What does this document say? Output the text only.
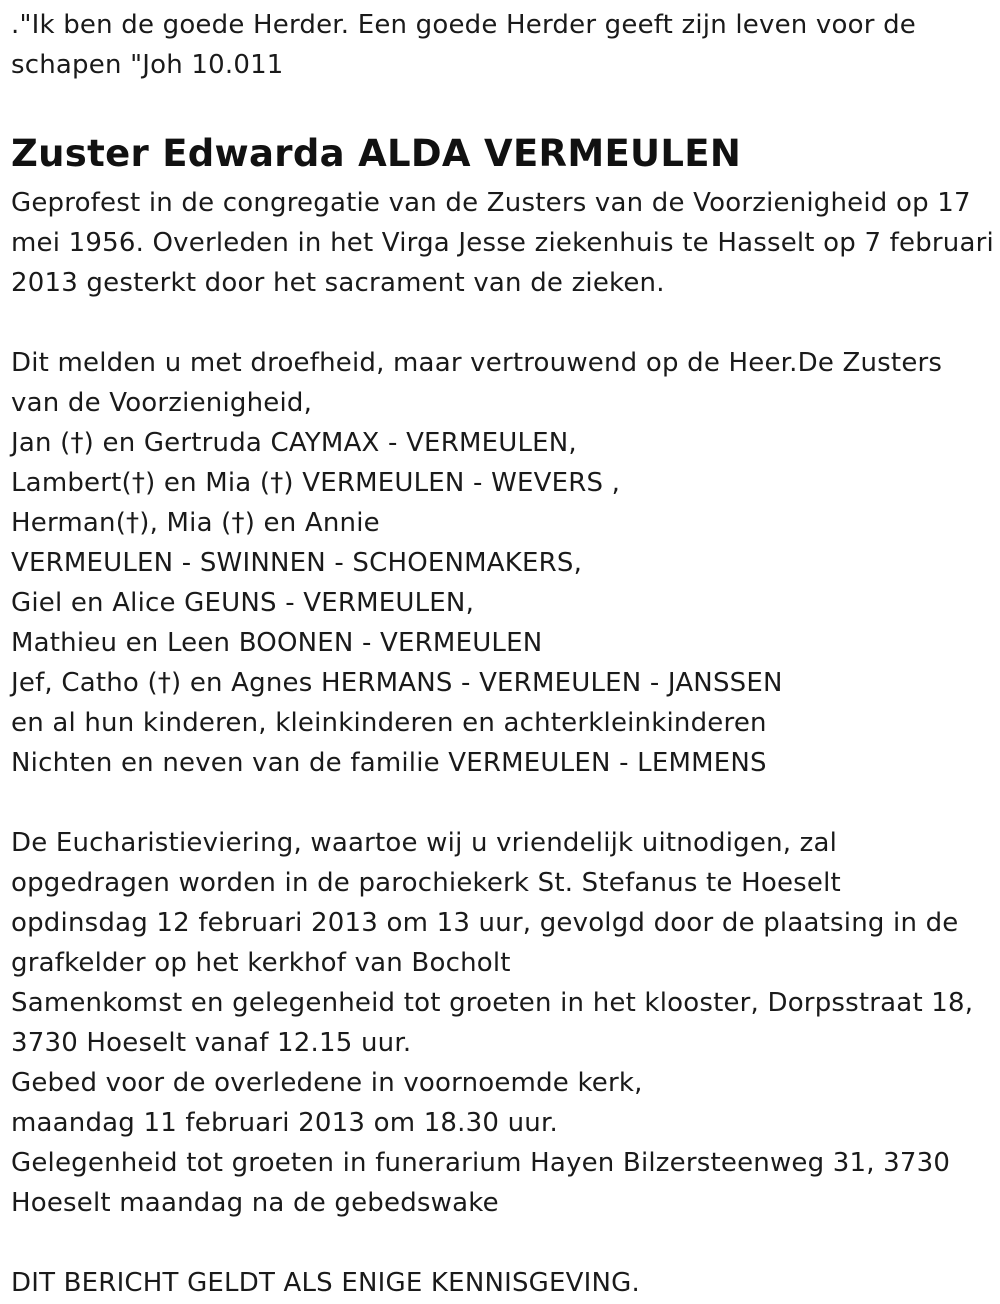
."Ik ben de goede Herder. Een goede Herder geeft zijn leven voor de
schapen "Joh 10.011
Zuster Edwarda ALDA VERMEULEN
Geprofest in de congregatie van de Zusters van de Voorzienigheid op 17
mei 1956. Overleden in het Virga Jesse ziekenhuis te Hasselt op 7 februari
2013 gesterkt door het sacrament van de zieken.
Dit melden u met droefheid, maar vertrouwend op de Heer.De Zusters
van de Voorzienigheid,
Jan (†) en Gertruda CAYMAX - VERMEULEN,
Lambert(†) en Mia (†) VERMEULEN - WEVERS ,
Herman(†), Mia (†) en Annie
VERMEULEN - SWINNEN - SCHOENMAKERS,
Giel en Alice GEUNS - VERMEULEN,
Mathieu en Leen BOONEN - VERMEULEN
Jef, Catho (†) en Agnes HERMANS - VERMEULEN - JANSSEN
en al hun kinderen, kleinkinderen en achterkleinkinderen
Nichten en neven van de familie VERMEULEN - LEMMENS
De Eucharistieviering, waartoe wij u vriendelijk uitnodigen, zal
opgedragen worden in de parochiekerk St. Stefanus te Hoeselt
opdinsdag 12 februari 2013 om 13 uur, gevolgd door de plaatsing in de
grafkelder op het kerkhof van Bocholt
Samenkomst en gelegenheid tot groeten in het klooster, Dorpsstraat 18,
3730 Hoeselt vanaf 12.15 uur.
Gebed voor de overledene in voornoemde kerk,
maandag 11 februari 2013 om 18.30 uur.
Gelegenheid tot groeten in funerarium Hayen Bilzersteenweg 31, 3730
Hoeselt maandag na de gebedswake
DIT BERICHT GELDT ALS ENIGE KENNISGEVING.
